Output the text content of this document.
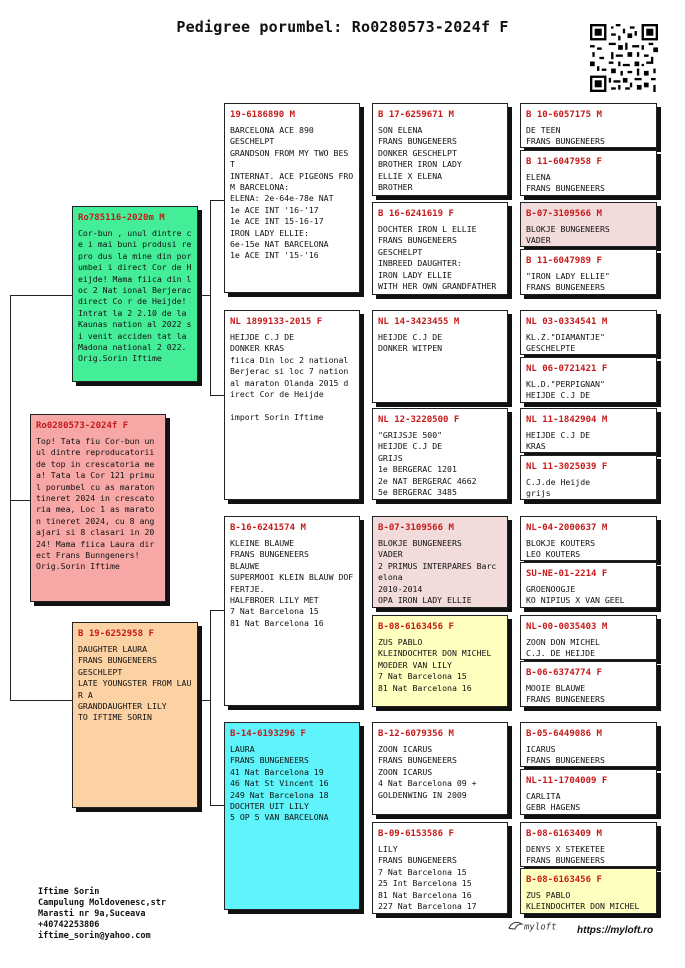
Pedigree porumbel: Ro0280573-2024f F
Ro0280573-2024f F
Top! Tata fiu Cor-bun un ul dintre reproducatorii de top in crescatoria me a! Tata la Cor 121 primu l porumbel cu as maraton tineret 2024 in crescato ria mea, Loc 1 as marato n tineret 2024, cu 8 ang ajari si 8 clasari in 20 24! Mama fiica Laura dir ect Frans Bunngeners!
Orig.Sorin Iftime
Ro785116-2020m M
Cor-bun , unul dintre ce i mai buni produsi repro dus la mine din porumbei i direct Cor de Heijde! Mama fiica din loc 2 Nat ional Berjerac direct Co r de Heijde! Intrat la 2 2.10 de la Kaunas nation al 2022 si venit acciden tat la Madona national 2 022.
Orig.Sorin Iftime
B 19-6252958 F
DAUGHTER LAURA
FRANS BUNGENEERS
GESCHLEPT
LATE YOUNGSTER FROM LAUR A
GRANDDAUGHTER LILY
TO IFTIME SORIN
19-6186890 M
BARCELONA ACE 890
GESCHELPT
GRANDSON FROM MY TWO BES T
INTERNAT. ACE PIGEONS FROM BARCELONA:
ELENA: 2e-64e-78e NAT
1e ACE INT '16-'17
1e ACE INT 15-16-17
IRON LADY ELLIE:
6e-15e NAT BARCELONA
1e ACE INT '15-'16
NL 1899133-2015 F
HEIJDE C.J DE
DONKER KRAS
fiica Din loc 2 national Berjerac si loc 7 nation al maraton Olanda 2015 d irect Cor de Heijde

import Sorin Iftime
B-16-6241574 M
KLEINE BLAUWE
FRANS BUNGENEERS
BLAUWE
SUPERMOOI KLEIN BLAUW DOFFERTJE.
HALFBROER LILY MET
7 Nat Barcelona 15
81 Nat Barcelona 16
B-14-6193296 F
LAURA
FRANS BUNGENEERS
41 Nat Barcelona 19
46 Nat St Vincent 16
249 Nat Barcelona 18
DOCHTER UIT LILY
5 OP 5 VAN BARCELONA
B 17-6259671 M
SON ELENA
FRANS BUNGENEERS
DONKER GESCHELPT
BROTHER IRON LADY
ELLIE X ELENA
BROTHER
B 16-6241619 F
DOCHTER IRON L ELLIE
FRANS BUNGENEERS
GESCHELPT
INBREED DAUGHTER:
IRON LADY ELLIE
WITH HER OWN GRANDFATHER
NL 14-3423455 M
HEIJDE C.J DE
DONKER WITPEN
NL 12-3220500 F
"GRIJSJE 500"
HEIJDE C.J DE
GRIJS
1e BERGERAC 1201
2e NAT BERGERAC 4662
5e BERGERAC 3485
B-07-3109566 M
BLOKJE BUNGENEERS
VADER
2 PRIMUS INTERPARES Barc elona
2010-2014
OPA IRON LADY ELLIE
B-08-6163456 F
ZUS PABLO
KLEINDOCHTER DON MICHEL
MOEDER VAN LILY
7 Nat Barcelona 15
81 Nat Barcelona 16
B-12-6079356 M
ZOON ICARUS
FRANS BUNGENEERS
ZOON ICARUS
4 Nat Barcelona 09 +
GOLDENWING IN 2009
B-09-6153586 F
LILY
FRANS BUNGENEERS
7 Nat Barcelona 15
25 Int Barcelona 15
81 Nat Barcelona 16
227 Nat Barcelona 17
B 10-6057175 M
DE TEEN
FRANS BUNGENEERS
B 11-6047958 F
ELENA
FRANS BUNGENEERS
B-07-3109566 M
BLOKJE BUNGENEERS
VADER
B 11-6047989 F
"IRON LADY ELLIE"
FRANS BUNGENEERS
NL 03-0334541 M
KL.Z."DIAMANTJE"
GESCHELPTE
NL 06-0721421 F
KL.D."PERPIGNAN"
HEIJDE C.J DE
NL 11-1842904 M
HEIJDE C.J DE
KRAS
NL 11-3025039 F
C.J.de Heijde
grijs
NL-04-2000637 M
BLOKJE KOUTERS
LEO KOUTERS
SU-NE-01-2214 F
GROENOOGJE
KO NIPIUS X VAN GEEL
NL-00-0035403 M
ZOON DON MICHEL
C.J. DE HEIJDE
B-06-6374774 F
MOOIE BLAUWE
FRANS BUNGENEERS
B-05-6449086 M
ICARUS
FRANS BUNGENEERS
NL-11-1704009 F
CARLITA
GEBR HAGENS
B-08-6163409 M
DENYS X STEKETEE
FRANS BUNGENEERS
B-08-6163456 F
ZUS PABLO
KLEINDOCHTER DON MICHEL
Iftime Sorin
Campulung Moldovenesc,str
Marasti nr 9a,Suceava
+40742253806
iftime_sorin@yahoo.com
myloft	https://myloft.ro
